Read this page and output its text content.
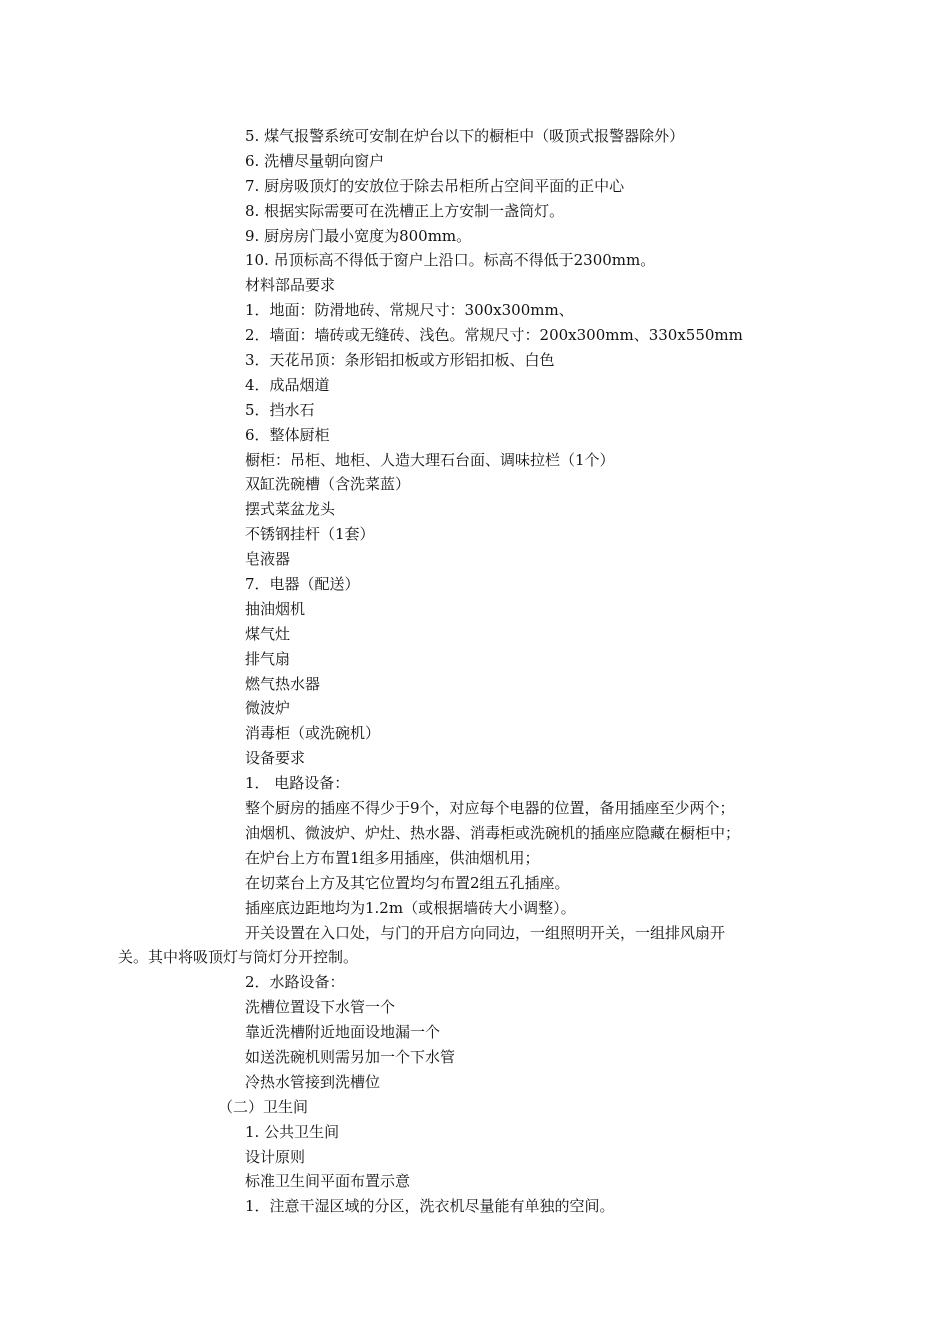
5. 煤气报警系统可安制在炉台以下的橱柜中（吸顶式报警器除外）
6. 洗槽尽量朝向窗户
7. 厨房吸顶灯的安放位于除去吊柜所占空间平面的正中心
8. 根据实际需要可在洗槽正上方安制一盏筒灯。
9. 厨房房门最小宽度为800mm。
10. 吊顶标高不得低于窗户上沿口。标高不得低于2300mm。
材料部品要求
1．地面：防滑地砖、常规尺寸：300x300mm、
2．墙面：墙砖或无缝砖、浅色。常规尺寸：200x300mm、330x550mm
3．天花吊顶：条形铝扣板或方形铝扣板、白色
4．成品烟道
5．挡水石
6．整体厨柜
橱柜：吊柜、地柜、人造大理石台面、调味拉栏（1个）
双缸洗碗槽（含洗菜蓝）
摆式菜盆龙头
不锈钢挂杆（1套）
皂液器
7．电器（配送）
抽油烟机
煤气灶
排气扇
燃气热水器
微波炉
消毒柜（或洗碗机）
设备要求
1． 电路设备：
整个厨房的插座不得少于9个，对应每个电器的位置，备用插座至少两个；
油烟机、微波炉、炉灶、热水器、消毒柜或洗碗机的插座应隐藏在橱柜中；
在炉台上方布置1组多用插座，供油烟机用；
在切菜台上方及其它位置均匀布置2组五孔插座。
插座底边距地均为1.2m（或根据墙砖大小调整）。
开关设置在入口处，与门的开启方向同边，一组照明开关，一组排风扇开
关。其中将吸顶灯与筒灯分开控制。
2．水路设备：
洗槽位置设下水管一个
靠近洗槽附近地面设地漏一个
如送洗碗机则需另加一个下水管
冷热水管接到洗槽位
（二）卫生间
1. 公共卫生间
设计原则
标准卫生间平面布置示意
1．注意干湿区域的分区，洗衣机尽量能有单独的空间。
